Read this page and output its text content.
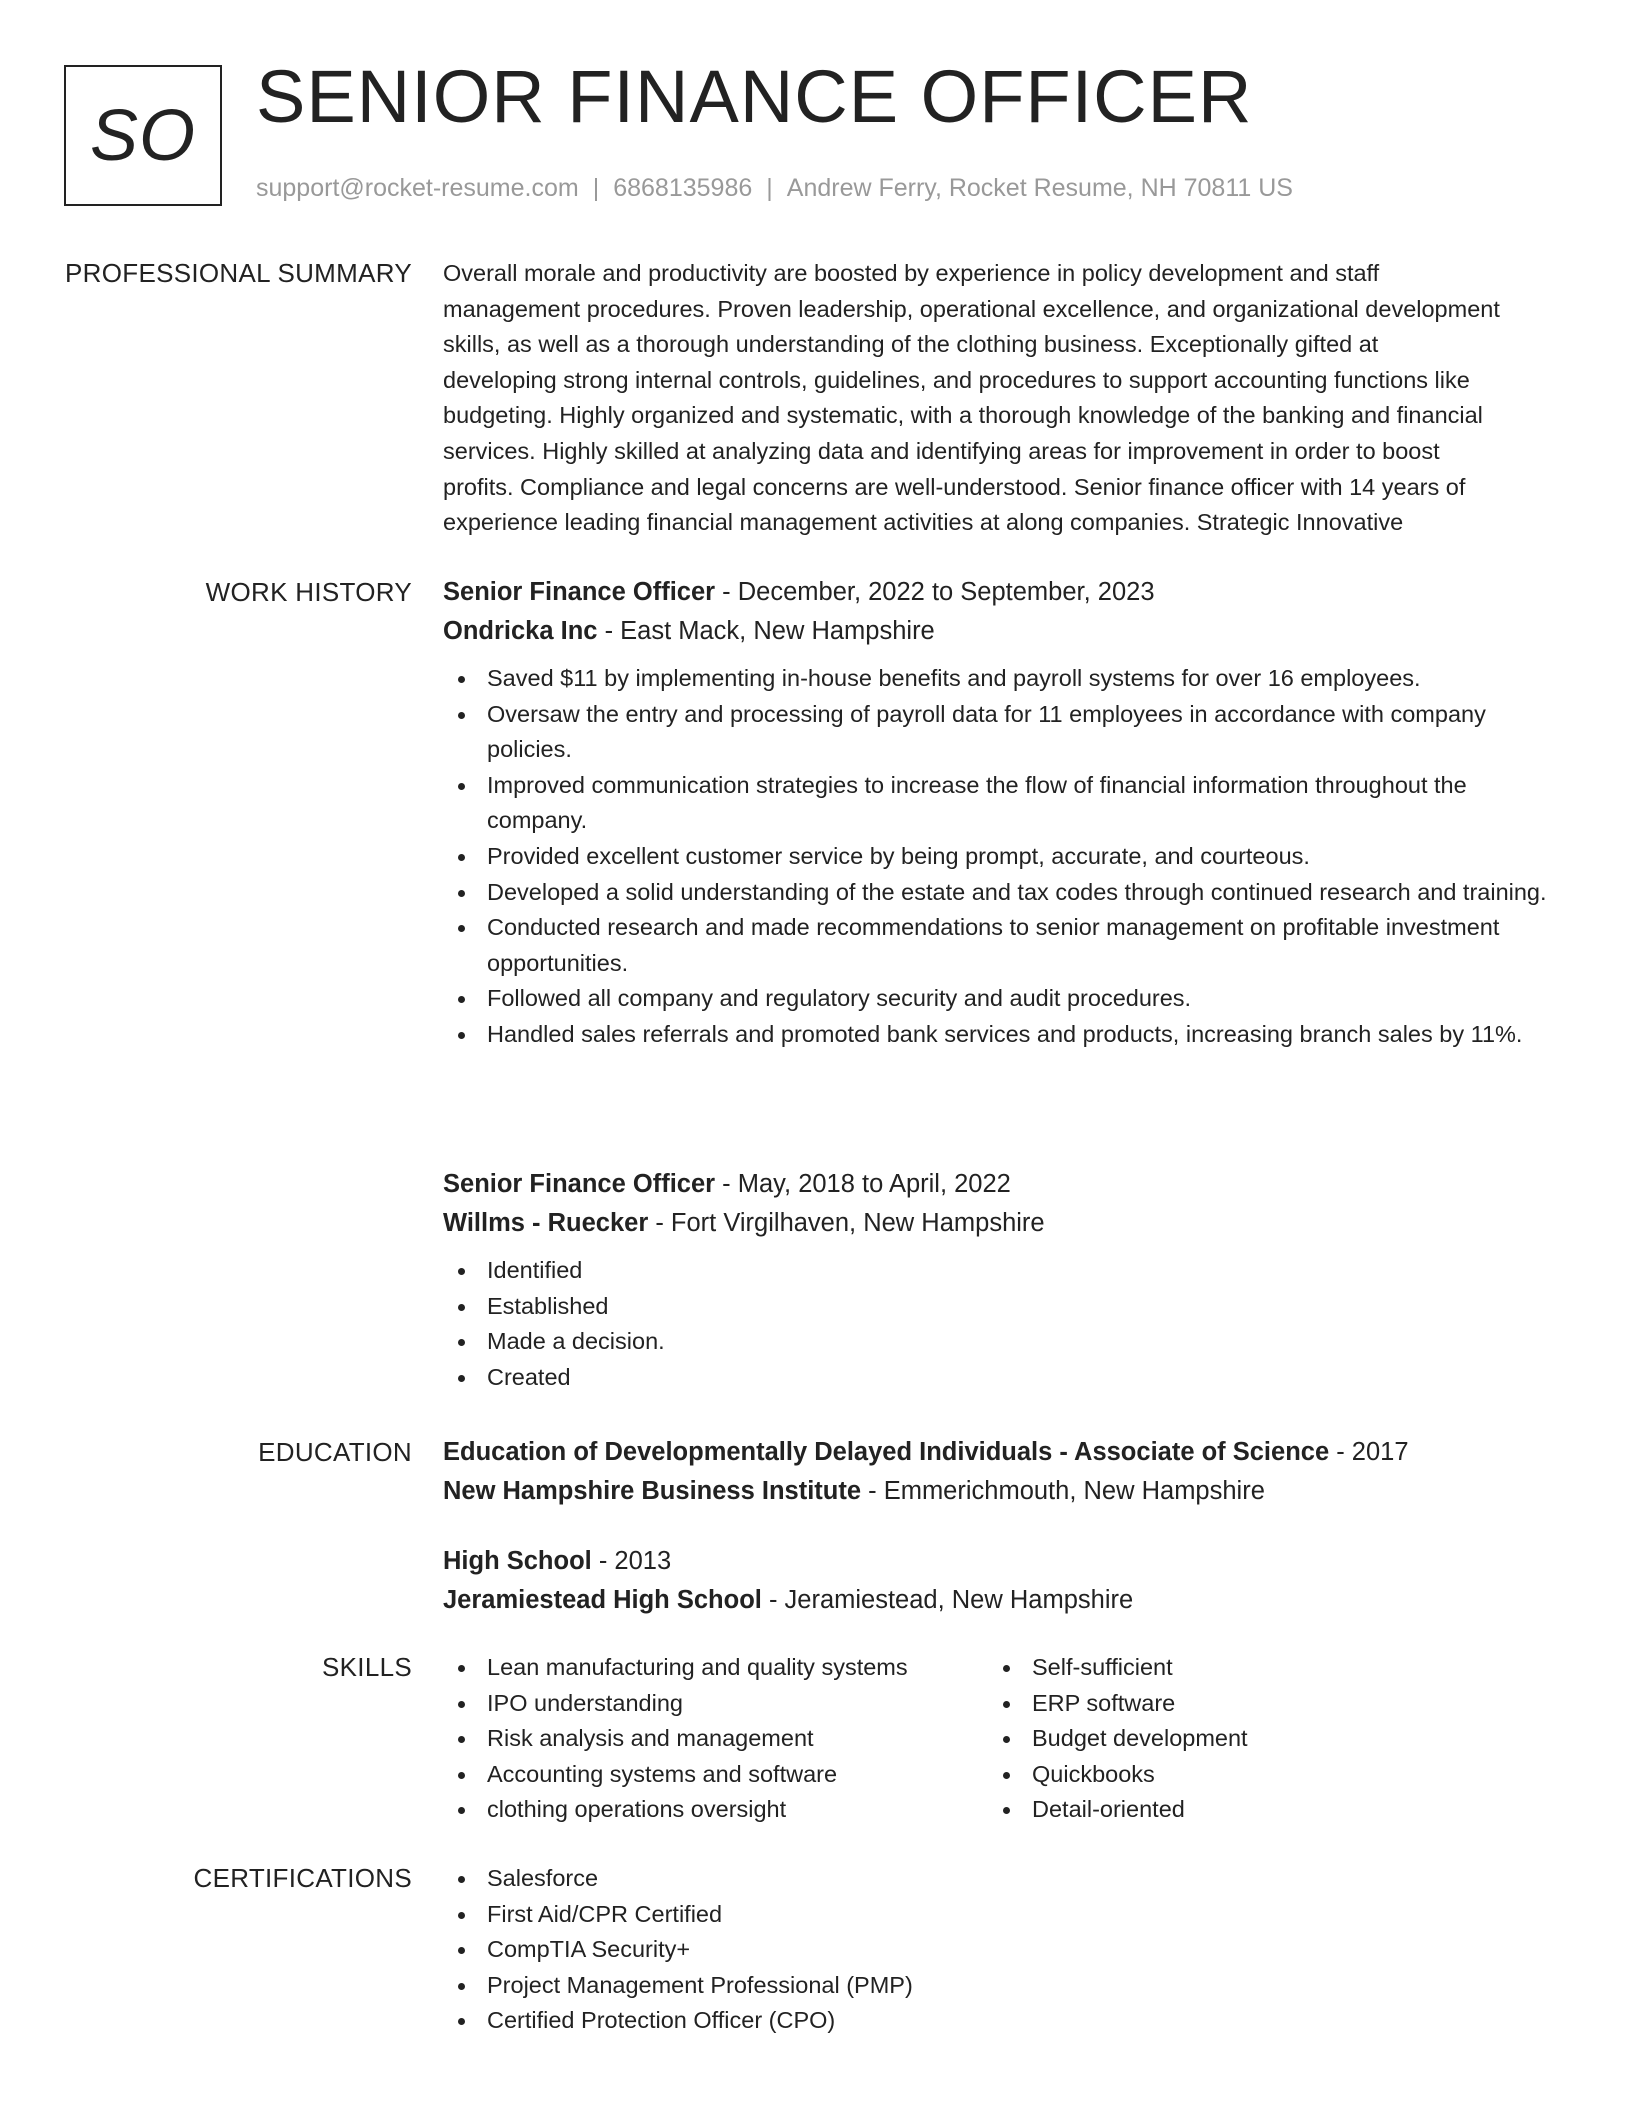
SO SENIOR FINANCE OFFICER
support@rocket-resume.com | 6868135986 | Andrew Ferry, Rocket Resume, NH 70811 US
PROFESSIONAL SUMMARY Overall morale and productivity are boosted by experience in policy development and staff
management procedures. Proven leadership, operational excellence, and organizational development
skills, as well as a thorough understanding of the clothing business. Exceptionally gifted at
developing strong internal controls, guidelines, and procedures to support accounting functions like
budgeting. Highly organized and systematic, with a thorough knowledge of the banking and financial
services. Highly skilled at analyzing data and identifying areas for improvement in order to boost
profits. Compliance and legal concerns are well-understood. Senior finance officer with 14 years of
experience leading financial management activities at along companies. Strategic Innovative
WORK HISTORY Senior Finance Officer - December, 2022 to September, 2023
Ondricka Inc - East Mack, New Hampshire
Saved $11 by implementing in-house benefits and payroll systems for over 16 employees.
Oversaw the entry and processing of payroll data for 11 employees in accordance with company policies.
Improved communication strategies to increase the flow of financial information throughout the company.
Provided excellent customer service by being prompt, accurate, and courteous.
Developed a solid understanding of the estate and tax codes through continued research and training.
Conducted research and made recommendations to senior management on profitable investment opportunities.
Followed all company and regulatory security and audit procedures.
Handled sales referrals and promoted bank services and products, increasing branch sales by 11%.
Senior Finance Officer - May, 2018 to April, 2022
Willms - Ruecker - Fort Virgilhaven, New Hampshire
Identified
Established
Made a decision.
Created
EDUCATION Education of Developmentally Delayed Individuals - Associate of Science - 2017
New Hampshire Business Institute - Emmerichmouth, New Hampshire
High School - 2013
Jeramiestead High School - Jeramiestead, New Hampshire
SKILLS	Lean manufacturing and quality systems
IPO understanding
Risk analysis and management
Accounting systems and software
clothing operations oversight
Self-sufficient
ERP software
Budget development
Quickbooks
Detail-oriented
CERTIFICATIONS	Salesforce
First Aid/CPR Certified
CompTIA Security+
Project Management Professional (PMP)
Certified Protection Officer (CPO)
